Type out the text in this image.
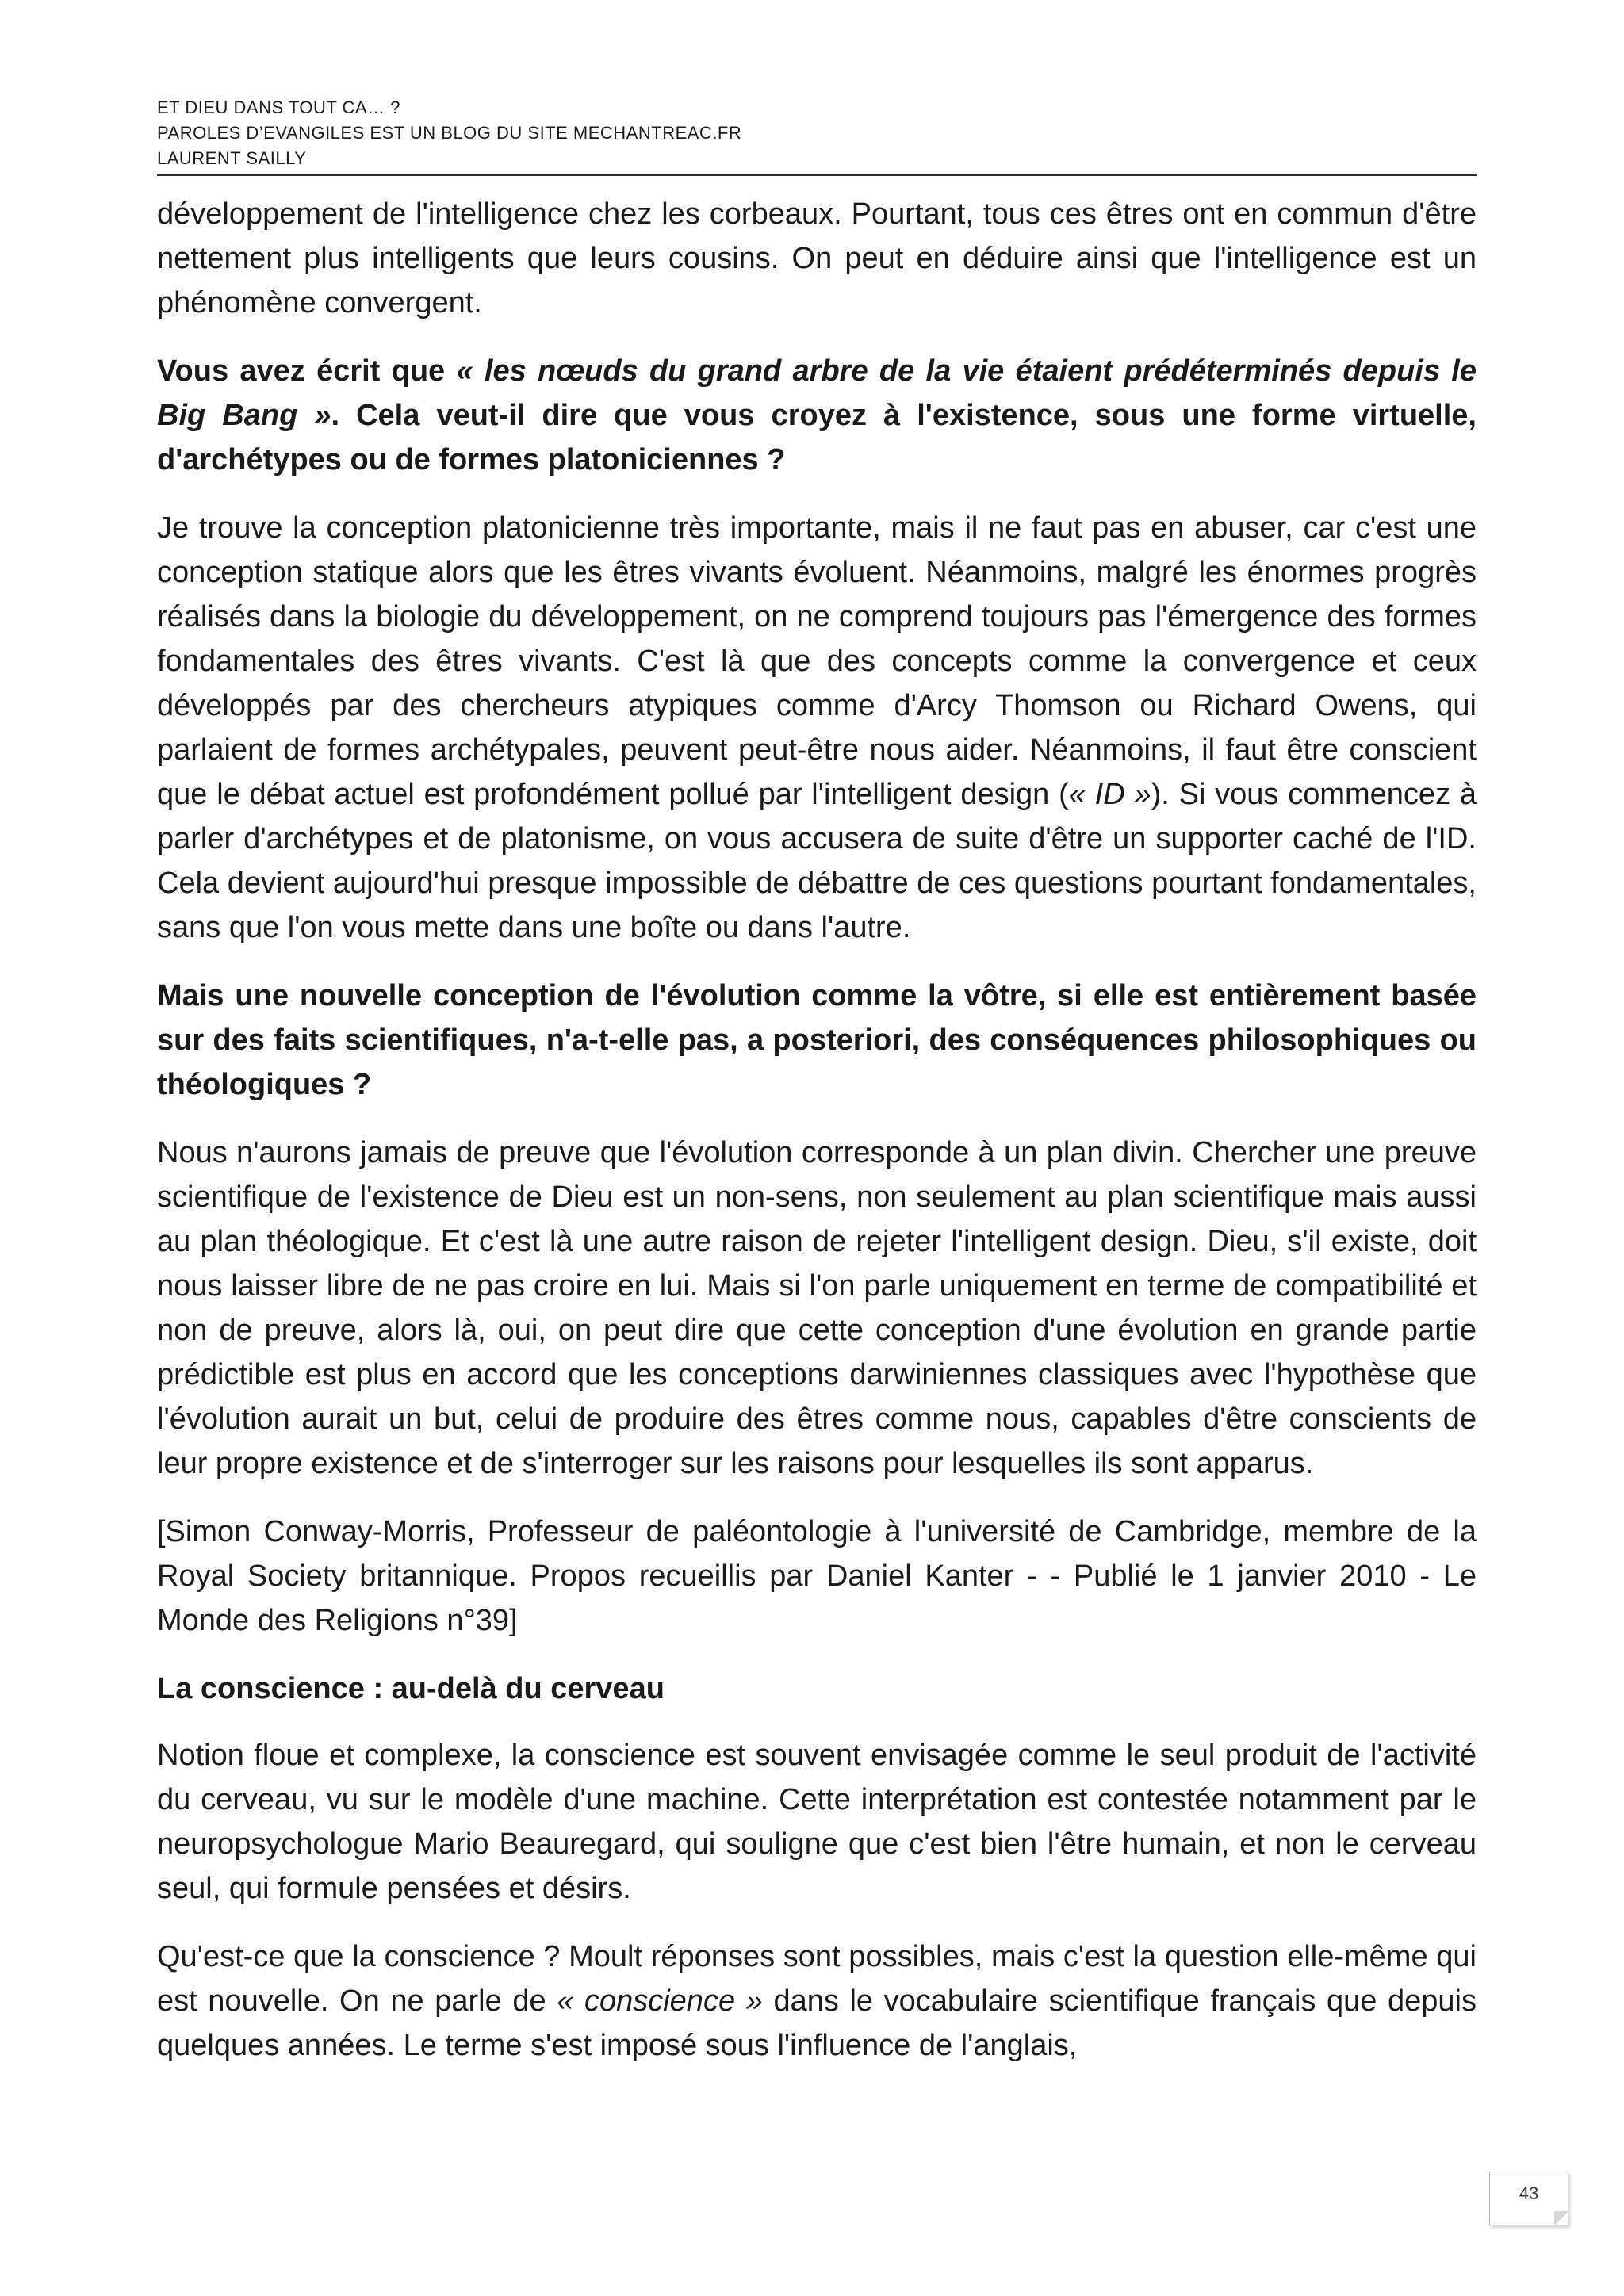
ET DIEU DANS TOUT CA… ?
PAROLES D’EVANGILES EST UN BLOG DU SITE MECHANTREAC.FR
LAURENT SAILLY

développement de l'intelligence chez les corbeaux. Pourtant, tous ces êtres ont en commun d'être nettement plus intelligents que leurs cousins. On peut en déduire ainsi que l'intelligence est un phénomène convergent.

Vous avez écrit que « les nœuds du grand arbre de la vie étaient prédéterminés depuis le Big Bang ». Cela veut-il dire que vous croyez à l'existence, sous une forme virtuelle, d'archétypes ou de formes platoniciennes ?

Je trouve la conception platonicienne très importante, mais il ne faut pas en abuser, car c'est une conception statique alors que les êtres vivants évoluent. Néanmoins, malgré les énormes progrès réalisés dans la biologie du développement, on ne comprend toujours pas l'émergence des formes fondamentales des êtres vivants. C'est là que des concepts comme la convergence et ceux développés par des chercheurs atypiques comme d'Arcy Thomson ou Richard Owens, qui parlaient de formes archétypales, peuvent peut-être nous aider. Néanmoins, il faut être conscient que le débat actuel est profondément pollué par l'intelligent design (« ID »). Si vous commencez à parler d'archétypes et de platonisme, on vous accusera de suite d'être un supporter caché de l'ID. Cela devient aujourd'hui presque impossible de débattre de ces questions pourtant fondamentales, sans que l'on vous mette dans une boîte ou dans l'autre.

Mais une nouvelle conception de l'évolution comme la vôtre, si elle est entièrement basée sur des faits scientifiques, n'a-t-elle pas, a posteriori, des conséquences philosophiques ou théologiques ?

Nous n'aurons jamais de preuve que l'évolution corresponde à un plan divin. Chercher une preuve scientifique de l'existence de Dieu est un non-sens, non seulement au plan scientifique mais aussi au plan théologique. Et c'est là une autre raison de rejeter l'intelligent design. Dieu, s'il existe, doit nous laisser libre de ne pas croire en lui. Mais si l'on parle uniquement en terme de compatibilité et non de preuve, alors là, oui, on peut dire que cette conception d'une évolution en grande partie prédictible est plus en accord que les conceptions darwiniennes classiques avec l'hypothèse que l'évolution aurait un but, celui de produire des êtres comme nous, capables d'être conscients de leur propre existence et de s'interroger sur les raisons pour lesquelles ils sont apparus.

[Simon Conway-Morris, Professeur de paléontologie à l'université de Cambridge, membre de la Royal Society britannique. Propos recueillis par Daniel Kanter - - Publié le 1 janvier 2010 - Le Monde des Religions n°39]

La conscience : au-delà du cerveau

Notion floue et complexe, la conscience est souvent envisagée comme le seul produit de l'activité du cerveau, vu sur le modèle d'une machine. Cette interprétation est contestée notamment par le neuropsychologue Mario Beauregard, qui souligne que c'est bien l'être humain, et non le cerveau seul, qui formule pensées et désirs.

Qu'est-ce que la conscience ? Moult réponses sont possibles, mais c'est la question elle-même qui est nouvelle. On ne parle de « conscience » dans le vocabulaire scientifique français que depuis quelques années. Le terme s'est imposé sous l'influence de l'anglais,

43
